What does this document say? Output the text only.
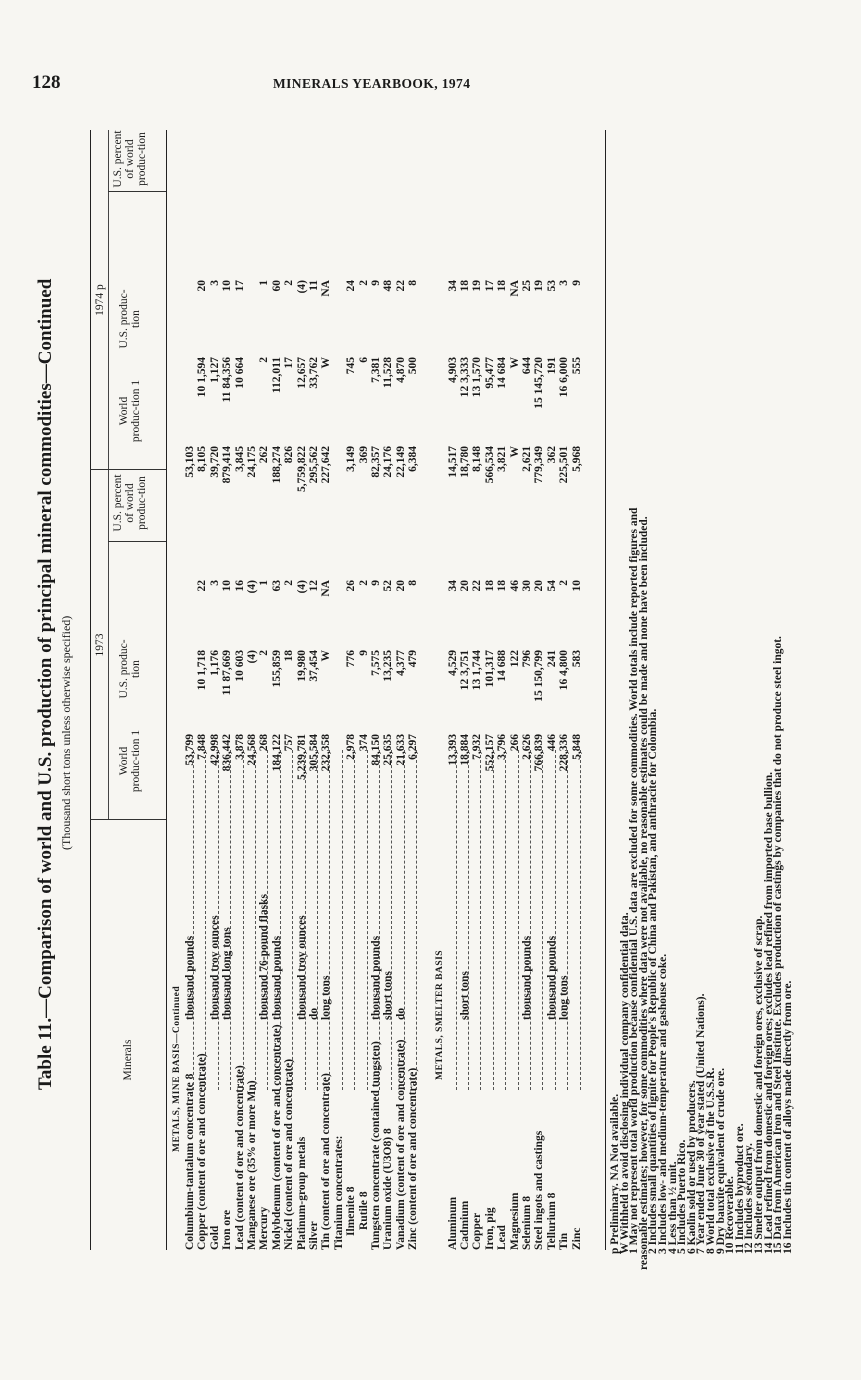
128	MINERALS YEARBOOK, 1974
Table 11.—Comparison of world and U.S. production of principal mineral commodities—Continued (Thousand short tons unless otherwise specified)
Minerals
1973
1974 p
World produc-tion 1
U.S. produc-tion
U.S. percent of world produc-tion
World produc-tion 1
U.S. produc-tion
U.S. percent of world produc-tion
METALS, MINE BASIS—Continued
Columbium-tantalum concentrate 8
thousand pounds
53,799
53,103
Copper (content of ore and concentrate)
7,848
10 1,718
22
8,105
10 1,594
20
Gold
thousand troy ounces
42,998
1,176
3
39,720
1,127
3
Iron ore
thousand long tons
836,442
11 87,669
10
879,414
11 84,356
10
Lead (content of ore and concentrate)
3,878
10 603
16
3,845
10 664
17
Manganese ore (35% or more Mn)
24,568
(4)
(4)
24,175
Mercury
thousand 76-pound flasks
268
2
1
262
2
1
Molybdenum (content of ore and concentrate)
thousand pounds
184,122
155,859
63
188,274
112,011
60
Nickel (content of ore and concentrate)
757
18
2
826
17
2
Platinum-group metals
thousand troy ounces
5,239,781
19,980
(4)
5,759,822
12,657
(4)
Silver
do
305,584
37,454
12
295,562
33,762
11
Tin (content of ore and concentrate)
long tons
232,358
W
NA
227,642
W
NA
Titanium concentrates: Ilmenite 8
2,978
776
26
3,149
745
24
Rutile 8
374
9
2
369
6
2
Tungsten concentrate (contained tungsten)
thousand pounds
84,150
7,575
9
82,357
7,381
9
Uranium oxide (U3O8) 8
short tons
25,635
13,235
52
24,176
11,528
48
Vanadium (content of ore and concentrate)
do
21,633
4,377
20
22,149
4,870
22
Zinc (content of ore and concentrate)
6,297
479
8
6,384
500
8
METALS, SMELTER BASIS
Aluminum
13,393
4,529
34
14,517
4,903
34
Cadmium
short tons
18,884
12 3,751
20
18,780
12 3,333
18
Copper
7,932
13 1,744
22
8,148
13 1,570
19
Iron, pig
552,157
101,317
18
566,534
95,477
17
Lead
3,796
14 688
18
3,821
14 684
18
Magnesium
266
122
46
W
W
NA
Selenium 8
thousand pounds
2,626
796
30
2,621
644
25
Steel ingots and castings
766,839
15 150,799
20
779,349
15 145,720
19
Tellurium 8
thousand pounds
446
241
54
362
191
53
Tin
long tons
228,336
16 4,800
2
225,501
16 6,000
3
Zinc
5,848
583
10
5,968
555
9
p Preliminary. NA Not available.
W Withheld to avoid disclosing individual company confidential data.
1 May not represent total world production because confidential U.S. data are excluded for some commodities. World totals include reported figures and
reasonable estimates; however, for some commodities where data were not available, no reasonable estimates could be made and none have been included.
2 Includes small quantities of lignite for People's Republic of China and Pakistan, and anthracite for Colombia.
3 Includes low- and medium-temperature and gashouse coke.
4 Less than ½ unit.
5 Includes Puerto Rico.
6 Kaolin sold or used by producers.
7 Year ended June 30 of year stated (United Nations).
8 World total exclusive of the U.S.S.R.
9 Dry bauxite equivalent of crude ore.
10 Recoverable.
11 Includes byproduct ore.
12 Includes secondary.
13 Smelter output from domestic and foreign ores, exclusive of scrap.
14 Lead refined from domestic and foreign ores; excludes lead refined from imported base bullion.
15 Data from American Iron and Steel Institute. Excludes production of castings by companies that do not produce steel ingot.
16 Includes tin content of alloys made directly from ore.
